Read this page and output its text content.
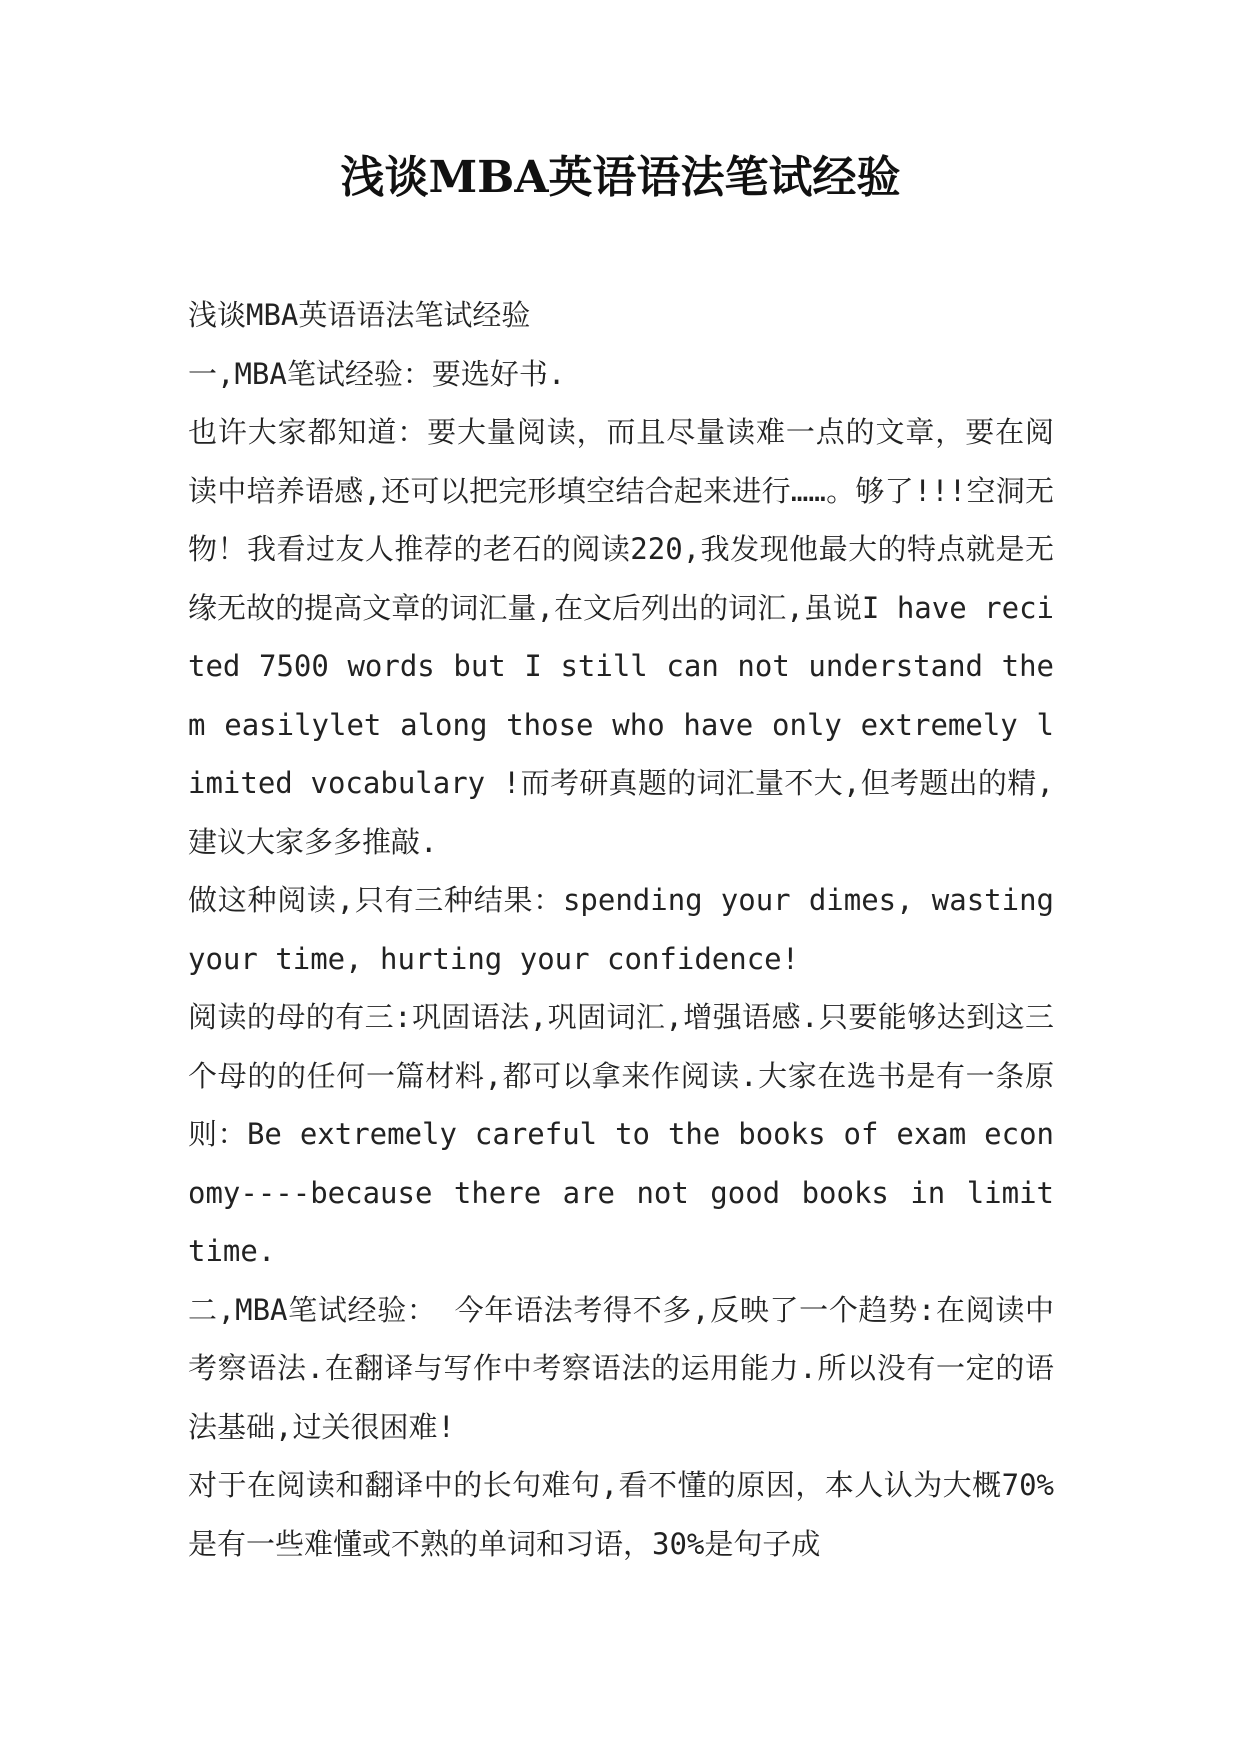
浅谈MBA英语语法笔试经验

浅谈MBA英语语法笔试经验

一,MBA笔试经验：要选好书.

也许大家都知道：要大量阅读，而且尽量读难一点的文章，要在阅读中培养语感,还可以把完形填空结合起来进行……。够了!!!空洞无物！我看过友人推荐的老石的阅读220,我发现他最大的特点就是无缘无故的提高文章的词汇量,在文后列出的词汇,虽说I have recited 7500 words but I still can not understand them easilylet along those who have only extremely limited vocabulary !而考研真题的词汇量不大,但考题出的精,建议大家多多推敲.

做这种阅读,只有三种结果：spending your dimes, wasting your time, hurting your confidence!

阅读的母的有三:巩固语法,巩固词汇,增强语感.只要能够达到这三个母的的任何一篇材料,都可以拿来作阅读.大家在选书是有一条原则：Be extremely careful to the books of exam economy----because there are not good books in limit time.

二,MBA笔试经验： 今年语法考得不多,反映了一个趋势:在阅读中考察语法.在翻译与写作中考察语法的运用能力.所以没有一定的语法基础,过关很困难!

对于在阅读和翻译中的长句难句,看不懂的原因，本人认为大概70%是有一些难懂或不熟的单词和习语，30%是句子成
